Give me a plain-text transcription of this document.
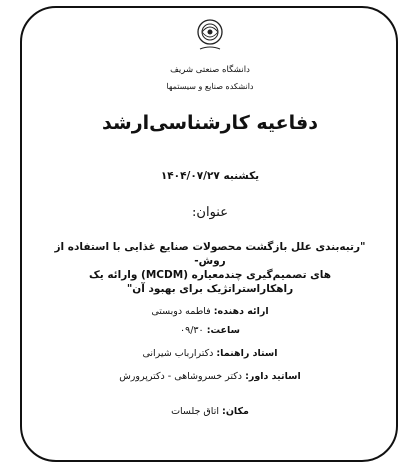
دانشگاه صنعتی شریف
دانشکده صنایع و سیستمها
دفاعیه کارشناسی‌ارشد
یکشنبه ۱۴۰۴/۰۷/۲۷
عنوان:
"رتبه‌بندی علل بازگشت محصولات صنایع غذایی با استفاده از روش-
های تصمیم‌گیری چندمعیاره (MCDM) وارائه یک
راهکاراستراتژیک برای بهبود آن"
ارائه دهنده: فاطمه دوبستی
ساعت: ۰۹/۳۰
استاد راهنما: دکترارباب شیرانی
اساتید داور: دکتر خسروشاهی - دکترپرورش
مکان: اتاق جلسات
